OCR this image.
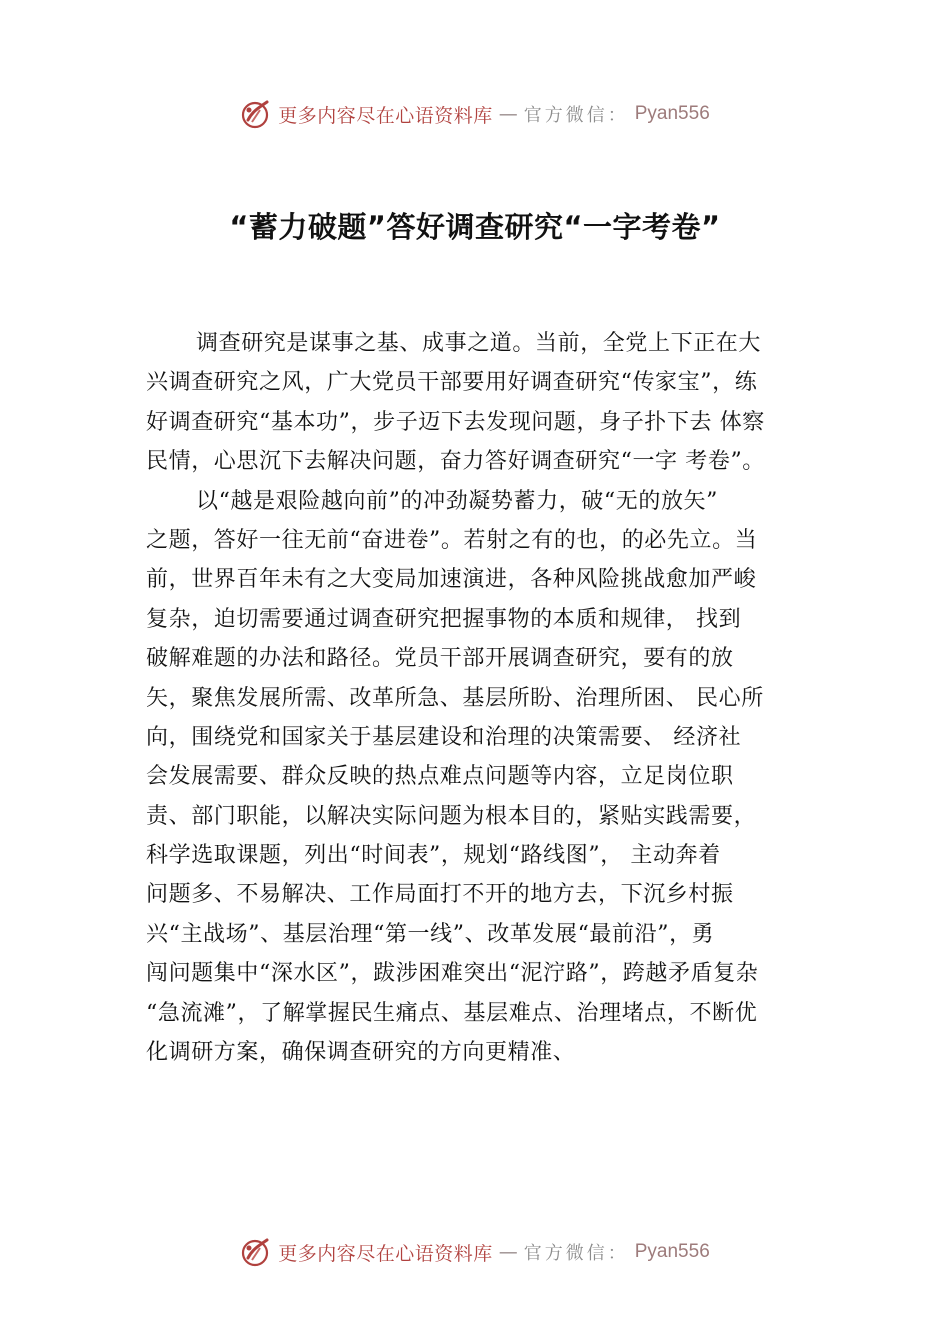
更多内容尽在心语资料库 — 官方微信： Pyan556
“蓄力破题”答好调查研究“一字考卷”
调查研究是谋事之基、成事之道。当前，全党上下正在大
兴调查研究之风，广大党员干部要用好调查研究“传家宝”，练
好调查研究“基本功”，步子迈下去发现问题，身子扑下去 体察
民情，心思沉下去解决问题，奋力答好调查研究“一字 考卷”。
以“越是艰险越向前”的冲劲凝势蓄力，破“无的放矢”
之题，答好一往无前“奋进卷”。若射之有的也，的必先立。当
前，世界百年未有之大变局加速演进，各种风险挑战愈加严峻
复杂，迫切需要通过调查研究把握事物的本质和规律， 找到
破解难题的办法和路径。党员干部开展调查研究，要有的放
矢，聚焦发展所需、改革所急、基层所盼、治理所困、 民心所
向，围绕党和国家关于基层建设和治理的决策需要、 经济社
会发展需要、群众反映的热点难点问题等内容，立足岗位职
责、部门职能，以解决实际问题为根本目的，紧贴实践需要，
科学选取课题，列出“时间表”，规划“路线图”， 主动奔着
问题多、不易解决、工作局面打不开的地方去，下沉乡村振
兴“主战场”、基层治理“第一线”、改革发展“最前沿”，勇
闯问题集中“深水区”，跋涉困难突出“泥泞路”，跨越矛盾复杂
“急流滩”，了解掌握民生痛点、基层难点、治理堵点，不断优
化调研方案，确保调查研究的方向更精准、
更多内容尽在心语资料库 — 官方微信： Pyan556
